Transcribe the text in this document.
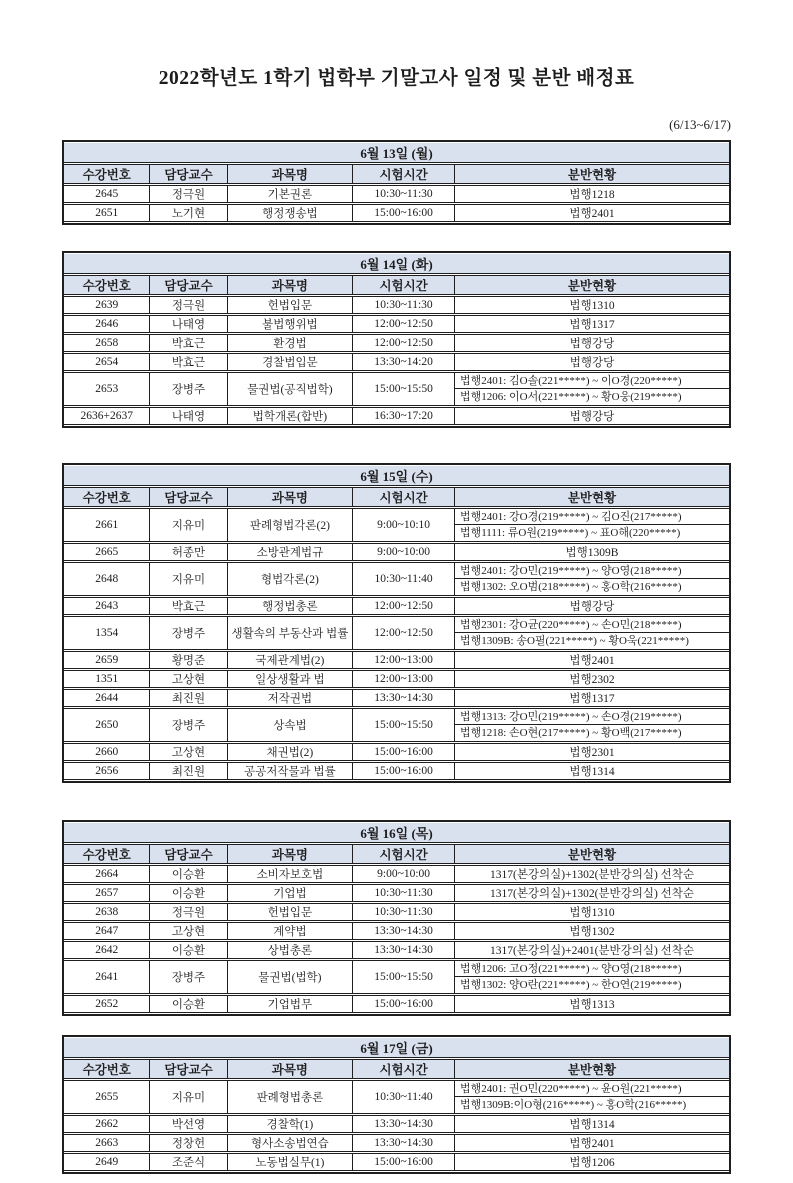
2022학년도 1학기 법학부 기말고사 일정 및 분반 배정표
(6/13~6/17)
6월 13일 (월)				
수강번호	담당교수	과목명	시험시간	분반현황
2645	정극원	기본권론	10:30~11:30	법행1218
2651	노기현	행정쟁송법	15:00~16:00	법행2401
6월 14일 (화)				
수강번호	담당교수	과목명	시험시간	분반현황
2639	정극원	헌법입문	10:30~11:30	법행1310
2646	나태영	불법행위법	12:00~12:50	법행1317
2658	박효근	환경법	12:00~12:50	법행강당
2654	박효근	경찰법입문	13:30~14:20	법행강당
2653	장병주	물권법(공직법학)	15:00~15:50	법행2401: 김O솔(221*****) ~ 이O경(220*****)
법행1206: 이O서(221*****) ~ 황O웅(219*****)

2636+2637	나태영	법학개론(합반)	16:30~17:20	법행강당
6월 15일 (수)				
수강번호	담당교수	과목명	시험시간	분반현황
2661	지유미	판례형법각론(2)	9:00~10:10	법행2401: 강O경(219*****) ~ 김O진(217*****)
법행1111: 류O원(219*****) ~ 표O해(220*****)

2665	허종만	소방관계법규	9:00~10:00	법행1309B
2648	지유미	형법각론(2)	10:30~11:40	법행2401: 강O민(219*****) ~ 양O영(218*****)
법행1302: 오O범(218*****) ~ 홍O학(216*****)

2643	박효근	행정법총론	12:00~12:50	법행강당
1354	장병주	생활속의 부동산과 법률	12:00~12:50	법행2301: 강O균(220*****) ~ 손O민(218*****)
법행1309B: 송O필(221*****) ~ 황O욱(221*****)

2659	황명준	국제관계법(2)	12:00~13:00	법행2401
1351	고상현	일상생활과 법	12:00~13:00	법행2302
2644	최진원	저작권법	13:30~14:30	법행1317
2650	장병주	상속법	15:00~15:50	법행1313: 강O민(219*****) ~ 손O경(219*****)
법행1218: 손O현(217*****) ~ 황O백(217*****)

2660	고상현	채권법(2)	15:00~16:00	법행2301
2656	최진원	공공저작물과 법률	15:00~16:00	법행1314
6월 16일 (목)				
수강번호	담당교수	과목명	시험시간	분반현황
2664	이승환	소비자보호법	9:00~10:00	1317(본강의실)+1302(분반강의실) 선착순
2657	이승환	기업법	10:30~11:30	1317(본강의실)+1302(분반강의실) 선착순
2638	정극원	헌법입문	10:30~11:30	법행1310
2647	고상현	계약법	13:30~14:30	법행1302
2642	이승환	상법총론	13:30~14:30	1317(본강의실)+2401(분반강의실) 선착순
2641	장병주	물권법(법학)	15:00~15:50	법행1206: 고O정(221*****) ~ 양O영(218*****)
법행1302: 양O란(221*****) ~ 한O연(219*****)

2652	이승환	기업법무	15:00~16:00	법행1313
6월 17일 (금)				
수강번호	담당교수	과목명	시험시간	분반현황
2655	지유미	판례형법총론	10:30~11:40	법행2401: 권O민(220*****) ~ 윤O원(221*****)
법행1309B:이O형(216*****) ~ 홍O학(216*****)

2662	박선영	경찰학(1)	13:30~14:30	법행1314
2663	정창헌	형사소송법연습	13:30~14:30	법행2401
2649	조준식	노동법실무(1)	15:00~16:00	법행1206
